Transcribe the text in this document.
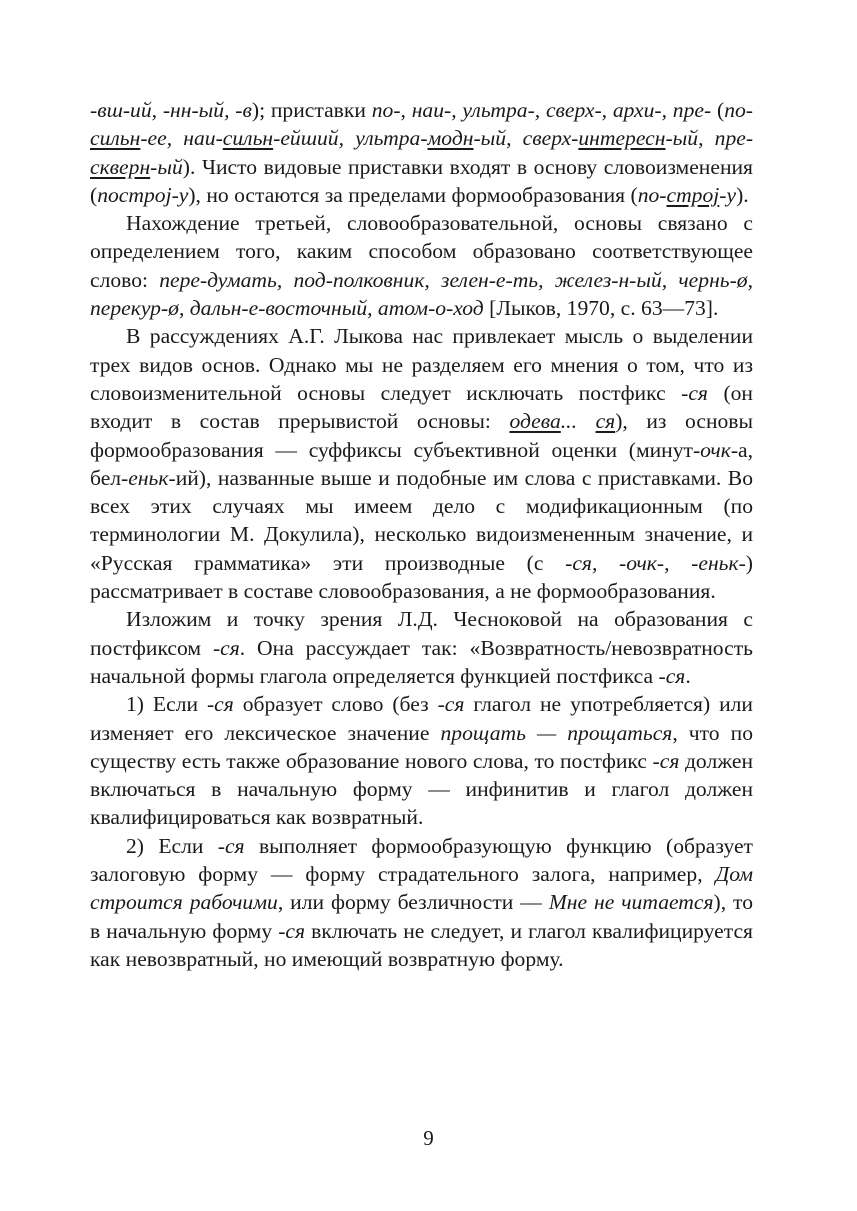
-вш-ий, -нн-ый, -в); приставки по-, наи-, ультра-, сверх-, архи-, пре- (по-сильн-ее, наи-сильн-ейший, ультра-модн-ый, сверх-интересн-ый, пре-скверн-ый). Чисто видовые приставки входят в основу словоизменения (построj-у), но остаются за пределами формообразования (по-строj-у).

Нахождение третьей, словообразовательной, основы связано с определением того, каким способом образовано соответствующее слово: пере-думать, под-полковник, зелен-е-ть, желез-н-ый, чернь-ø, перекур-ø, дальн-е-восточный, атом-о-ход [Лыков, 1970, с. 63—73].

В рассуждениях А.Г. Лыкова нас привлекает мысль о выделении трех видов основ. Однако мы не разделяем его мнения о том, что из словоизменительной основы следует исключать постфикс -ся (он входит в состав прерывистой основы: одева... ся), из основы формообразования — суффиксы субъективной оценки (минут-очк-а, бел-еньк-ий), названные выше и подобные им слова с приставками. Во всех этих случаях мы имеем дело с модификационным (по терминологии М. Докулила), несколько видоизмененным значение, и «Русская грамматика» эти производные (с -ся, -очк-, -еньк-) рассматривает в составе словообразования, а не формообразования.

Изложим и точку зрения Л.Д. Чесноковой на образования с постфиксом -ся. Она рассуждает так: «Возвратность/невозвратность начальной формы глагола определяется функцией постфикса -ся.

1) Если -ся образует слово (без -ся глагол не употребляется) или изменяет его лексическое значение прощать — прощаться, что по существу есть также образование нового слова, то постфикс -ся должен включаться в начальную форму — инфинитив и глагол должен квалифицироваться как возвратный.

2) Если -ся выполняет формообразующую функцию (образует залоговую форму — форму страдательного залога, например, Дом строится рабочими, или форму безличности — Мне не читается), то в начальную форму -ся включать не следует, и глагол квалифицируется как невозвратный, но имеющий возвратную форму.

9
